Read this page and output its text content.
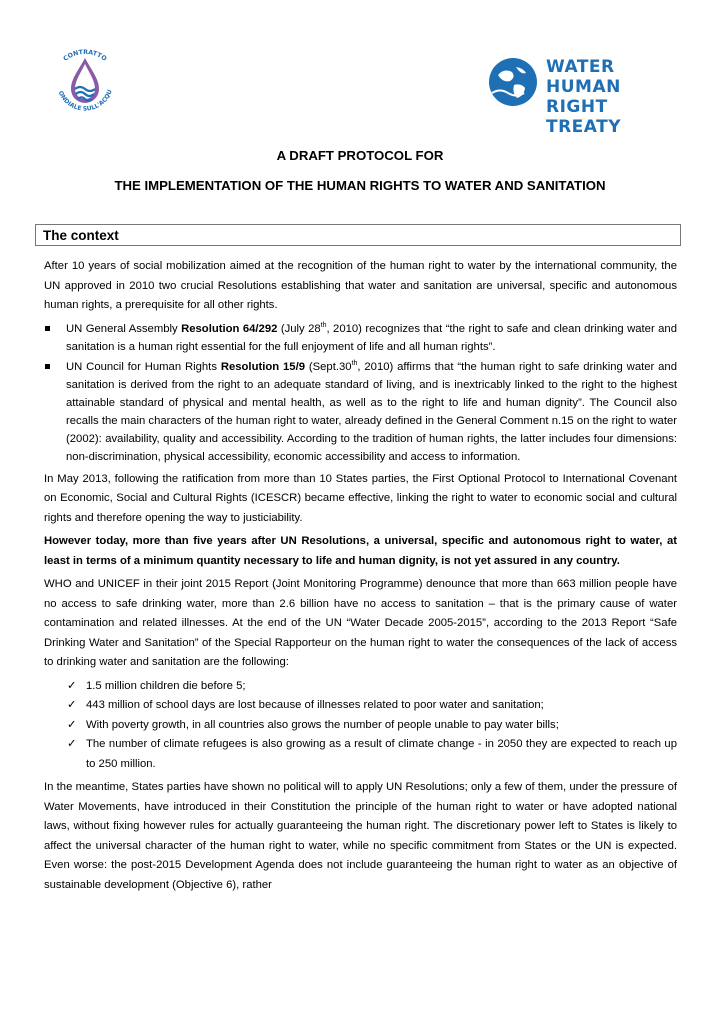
CONTRATTO
ONDIALE SULL'ACQU
WATER HUMAN
RIGHT TREATY
A DRAFT PROTOCOL FOR
THE IMPLEMENTATION OF THE HUMAN RIGHTS TO WATER AND SANITATION
The context

After 10 years of social mobilization aimed at the recognition of the human right to water by the international community, the UN approved in 2010 two crucial Resolutions establishing that water and sanitation are universal, specific and autonomous human rights, a prerequisite for all other rights.

UN General Assembly Resolution 64/292 (July 28th, 2010) recognizes that “the right to safe and clean drinking water and sanitation is a human right essential for the full enjoyment of life and all human rights”.
UN Council for Human Rights Resolution 15/9 (Sept.30th, 2010) affirms that “the human right to safe drinking water and sanitation is derived from the right to an adequate standard of living, and is inextricably linked to the right to the highest attainable standard of physical and mental health, as well as to the right to life and human dignity”. The Council also recalls the main characters of the human right to water, already defined in the General Comment n.15 on the right to water (2002): availability, quality and accessibility. According to the tradition of human rights, the latter includes four dimensions: non-discrimination, physical accessibility, economic accessibility and access to information.

In May 2013, following the ratification from more than 10 States parties, the First Optional Protocol to International Covenant on Economic, Social and Cultural Rights (ICESCR) became effective, linking the right to water to economic social and cultural rights and therefore opening the way to justiciability.

However today, more than five years after UN Resolutions, a universal, specific and autonomous right to water, at least in terms of a minimum quantity necessary to life and human dignity, is not yet assured in any country.

WHO and UNICEF in their joint 2015 Report (Joint Monitoring Programme) denounce that more than 663 million people have no access to safe drinking water, more than 2.6 billion have no access to sanitation – that is the primary cause of water contamination and related illnesses. At the end of the UN “Water Decade 2005-2015”, according to the 2013 Report “Safe Drinking Water and Sanitation” of the Special Rapporteur on the human right to water the consequences of the lack of access to drinking water and sanitation are the following:

✓ 1.5 million children die before 5;
✓ 443 million of school days are lost because of illnesses related to poor water and sanitation;
✓ With poverty growth, in all countries also grows the number of people unable to pay water bills;
✓ The number of climate refugees is also growing as a result of climate change - in 2050 they are expected to reach up to 250 million.

In the meantime, States parties have shown no political will to apply UN Resolutions; only a few of them, under the pressure of Water Movements, have introduced in their Constitution the principle of the human right to water or have adopted national laws, without fixing however rules for actually guaranteeing the human right. The discretionary power left to States is likely to affect the universal character of the human right to water, while no specific commitment from States or the UN is expected. Even worse: the post-2015 Development Agenda does not include guaranteeing the human right to water as an objective of sustainable development (Objective 6), rather
